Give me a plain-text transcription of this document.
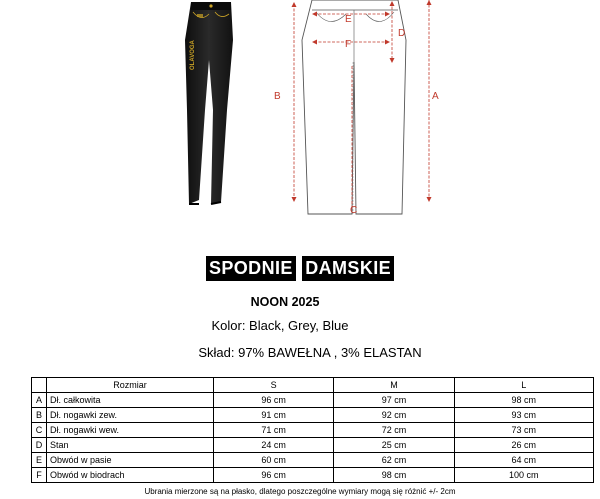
OLAVOGA
A
B
C
D
E
F
SPODNIE DAMSKIE
NOON 2025
Kolor: Black, Grey, Blue
Skład: 97% BAWEŁNA , 3% ELASTAN
	Rozmiar	S	M	L
A	Dł. całkowita	96 cm	97 cm	98 cm
B	Dł. nogawki zew.	91 cm	92 cm	93 cm
C	Dł. nogawki wew.	71 cm	72 cm	73 cm
D	Stan	24 cm	25 cm	26 cm
E	Obwód w pasie	60 cm	62 cm	64 cm
F	Obwód w biodrach	96 cm	98 cm	100 cm
Ubrania mierzone są na płasko, dlatego poszczególne wymiary mogą się różnić +/- 2cm
